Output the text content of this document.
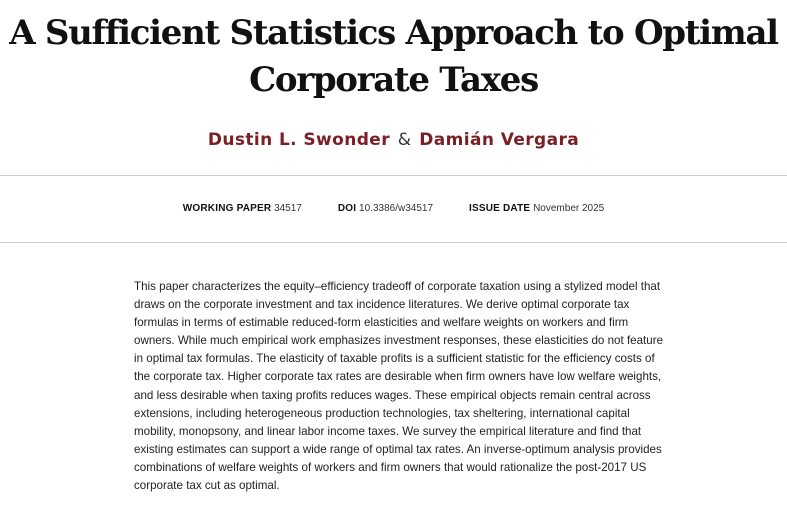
A Sufficient Statistics Approach to Optimal Corporate Taxes
Dustin L. Swonder & Damián Vergara
WORKING PAPER 34517	DOI 10.3386/w34517	ISSUE DATE November 2025

This paper characterizes the equity–efficiency tradeoff of corporate taxation using a stylized model that draws on the corporate investment and tax incidence literatures. We derive optimal corporate tax formulas in terms of estimable reduced-form elasticities and welfare weights on workers and firm owners. While much empirical work emphasizes investment responses, these elasticities do not feature in optimal tax formulas. The elasticity of taxable profits is a sufficient statistic for the efficiency costs of the corporate tax. Higher corporate tax rates are desirable when firm owners have low welfare weights, and less desirable when taxing profits reduces wages. These empirical objects remain central across extensions, including heterogeneous production technologies, tax sheltering, international capital mobility, monopsony, and linear labor income taxes. We survey the empirical literature and find that existing estimates can support a wide range of optimal tax rates. An inverse-optimum analysis provides combinations of welfare weights of workers and firm owners that would rationalize the post-2017 US corporate tax cut as optimal.
